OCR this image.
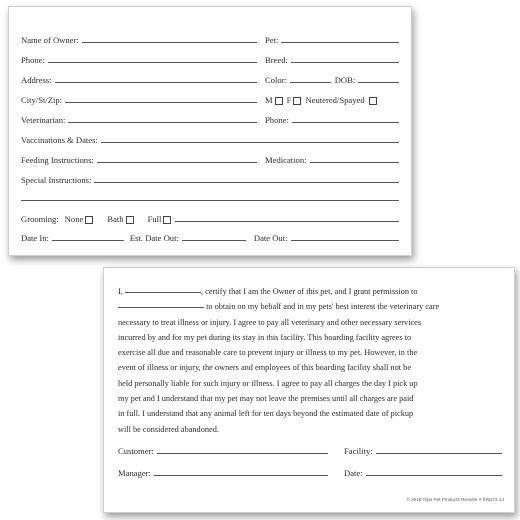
Name of Owner:	Pet:
Phone:	Breed:
Address:	Color:	DOB:
City/St/Zip:	M F Neutered/Spayed
Veterinarian:	Phone:
Vaccinations & Dates:
Feeding Instructions:	Medication:
Special Instructions:
Grooming: None	Bath	Full
Date In:	Est. Date Out:	Date Out:
I,	, certify that I am the Owner of this pet, and I grant permission to
to obtain on my behalf and in my pets' best interest the veterinary care
necessary to treat illness or injury. I agree to pay all veterinary and other necessary services
incurred by and for my pet during its stay in this facility. This boarding facility agrees to
exercise all due and reasonable care to prevent injury or illness to my pet. However, in the
event of illness or injury, the owners and employees of this boarding facility shall not be
held personally liable for such injury or illness. I agree to pay all charges the day I pick up
my pet and I understand that my pet may not leave the premises until all charges are paid
in full. I understand that any animal left for ten days beyond the estimated date of pickup
will be considered abandoned.
Customer:	Facility:
Manager:	Date:
© 2018 Tops Pet Products Reorder # ZW173 14
